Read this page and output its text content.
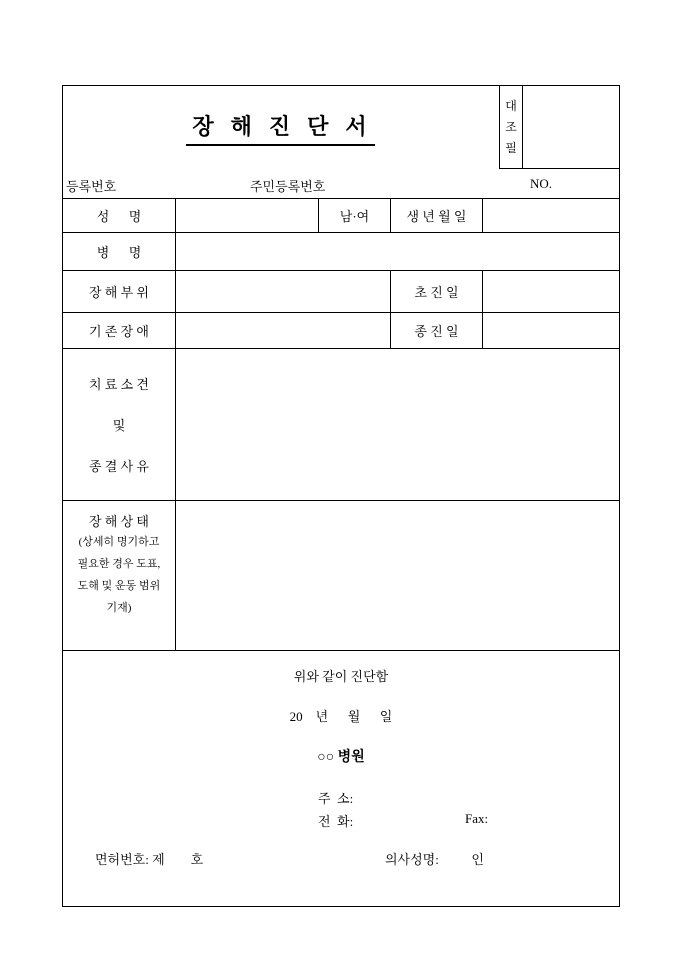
장  해  진  단  서
대
조
필
등록번호	주민등록번호	NO.
성      명	남·여	생 년 월 일
병      명
장 해 부 위	초 진 일
기 존 장 애	종 진 일
치 료 소 견
및
종 결 사 유
장 해 상 태
(상세히 명기하고
필요한 경우 도표,
도해 및 운동 범위
기재)
위와 같이 진단함
20    년      월      일
○○ 병원
주  소:
전  화:	Fax:
면허번호: 제        호	의사성명:          인
